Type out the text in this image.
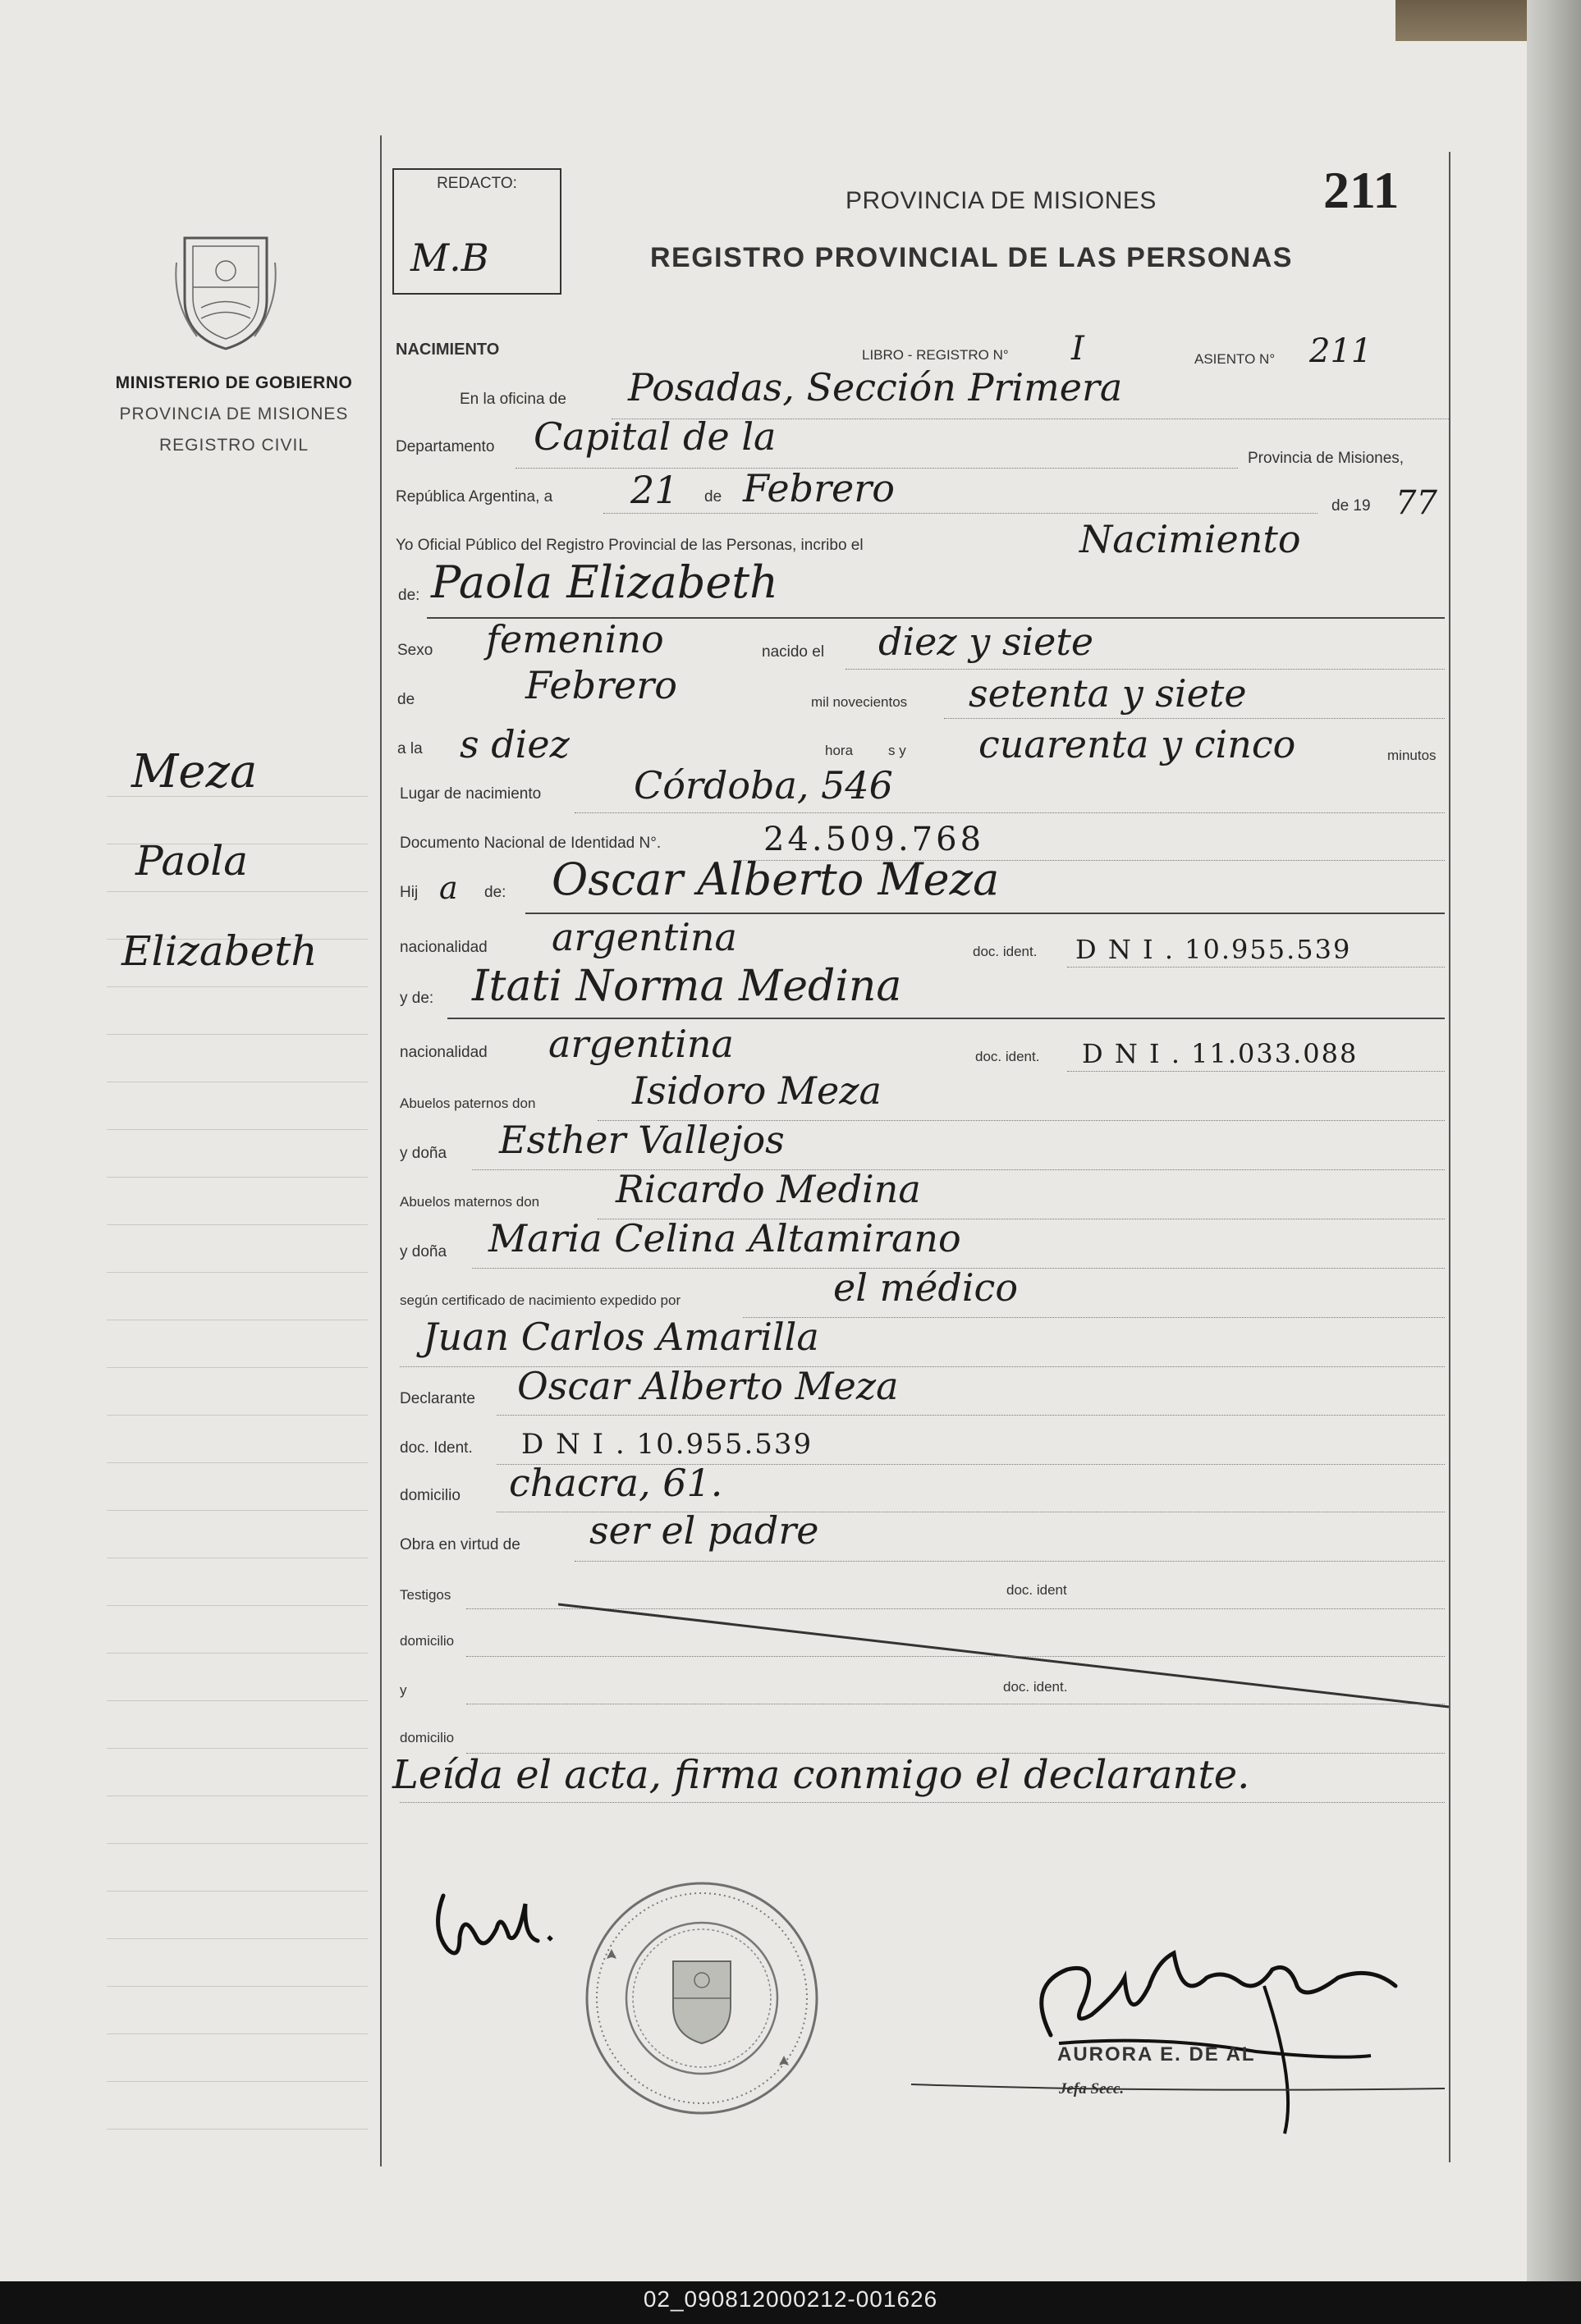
MINISTERIO DE GOBIERNO
PROVINCIA DE MISIONES
REGISTRO CIVIL
Meza
Paola
Elizabeth
REDACTO:
M.B
PROVINCIA DE MISIONES
REGISTRO PROVINCIAL DE LAS PERSONAS
211
NACIMIENTO	LIBRO - REGISTRO N° I	ASIENTO N° 211
En la oficina de Posadas, Sección Primera
Departamento Capital de la	Provincia de Misiones,
República Argentina, a 21 de Febrero	de 19 77
Yo Oficial Público del Registro Provincial de las Personas, incribo el	Nacimiento
de: Paola Elizabeth
Sexo femenino	nacido el diez y siete
de	Febrero	mil novecientos setenta y siete
a la s diez	hora	s y cuarenta y cinco	minutos
Lugar de nacimiento Córdoba, 546
Documento Nacional de Identidad N°.	24.509.768
Hij a de: Oscar Alberto Meza
nacionalidad argentina	doc. ident. D N I . 10.955.539
y de: Itati Norma Medina
nacionalidad argentina	doc. ident. D N I . 11.033.088
Abuelos paternos don	Isidoro Meza
y doña Esther Vallejos
Abuelos maternos don Ricardo Medina
y doña Maria Celina Altamirano
según certificado de nacimiento expedido por	el médico
Juan Carlos Amarilla
Declarante Oscar Alberto Meza
doc. Ident. D N I . 10.955.539
domicilio chacra, 61.
Obra en virtud de ser el padre
Testigos	doc. ident
domicilio
y	doc. ident.
domicilio
Leída el acta, firma conmigo el declarante.
AURORA E. DE AL
Jefa Secc.
02_090812000212-001626
